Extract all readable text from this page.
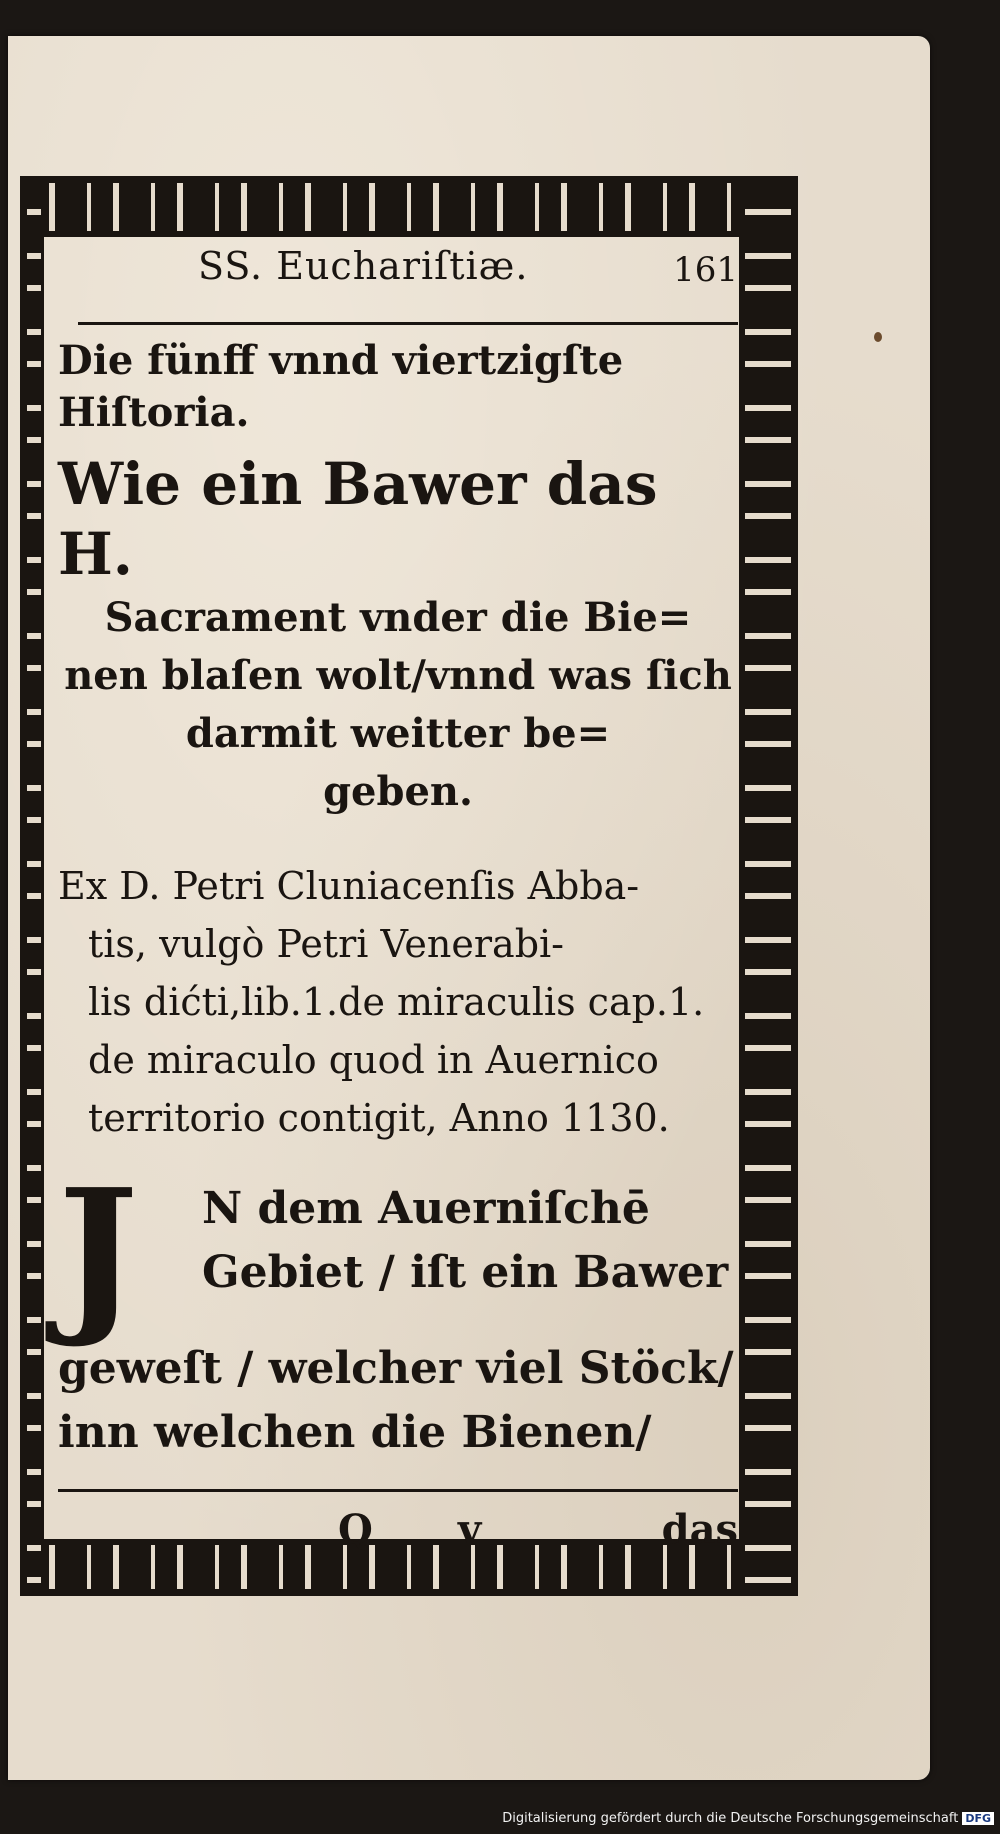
SS. Euchariſtiæ.	161
Die fünff vnnd viertzigſte Hiſtoria.
Wie ein Bawer das H.
Sacrament vnder die Bie=
nen blaſen wolt/vnnd was ſich
darmit weitter be=
geben.
Ex D. Petri Cluniacenſis Abba-
tis, vulgò Petri Venerabi-
lis dićti,lib.1.de miraculis cap.1.
de miraculo quod in Auernico
territorio contigit, Anno 1130.
J	N dem Auerniſchē
Gebiet / iſt ein Bawer
geweſt / welcher viel Stöck/
inn welchen die Bienen/
Q v	das
Digitalisierung gefördert durch die Deutsche Forschungsgemeinschaft DFG
